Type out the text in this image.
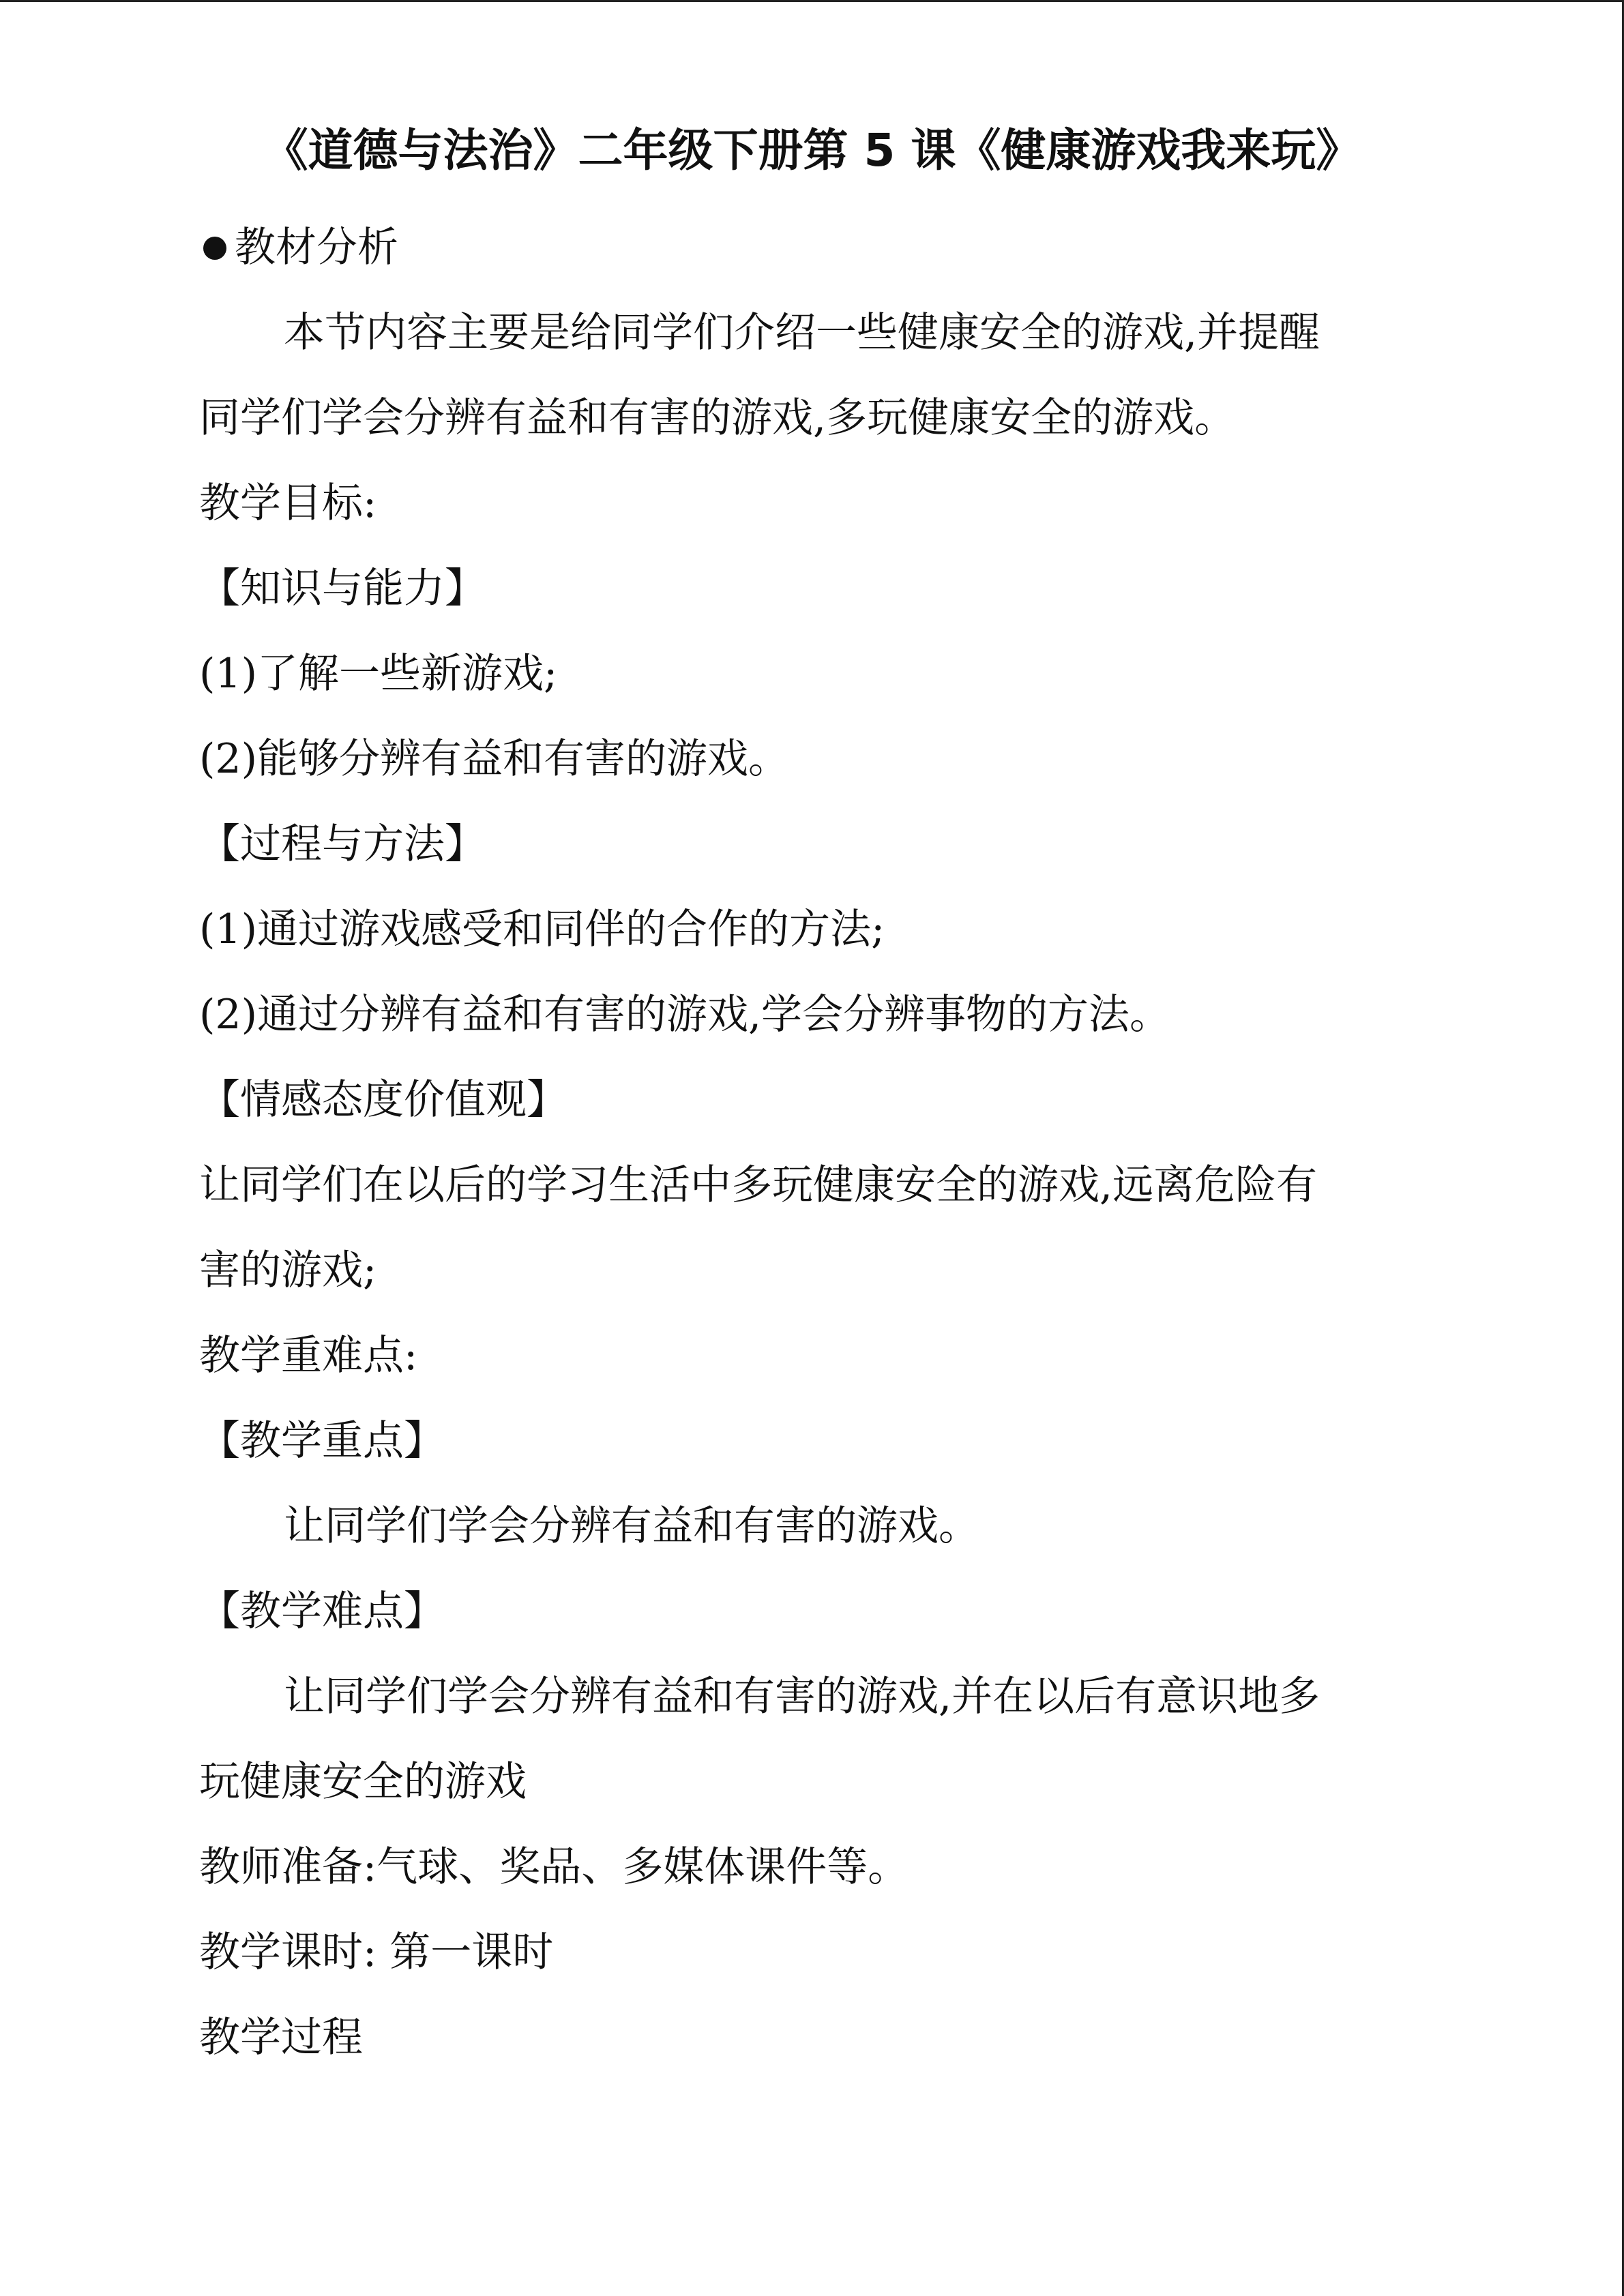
《道德与法治》二年级下册第 5 课《健康游戏我来玩》
教材分析

本节内容主要是给同学们介绍一些健康安全的游戏,并提醒

同学们学会分辨有益和有害的游戏,多玩健康安全的游戏。

教学目标:

【知识与能力】

(1)了解一些新游戏;

(2)能够分辨有益和有害的游戏。

【过程与方法】

(1)通过游戏感受和同伴的合作的方法;

(2)通过分辨有益和有害的游戏,学会分辨事物的方法。

【情感态度价值观】

让同学们在以后的学习生活中多玩健康安全的游戏,远离危险有

害的游戏;

教学重难点:

【教学重点】

让同学们学会分辨有益和有害的游戏。

【教学难点】

让同学们学会分辨有益和有害的游戏,并在以后有意识地多

玩健康安全的游戏

教师准备:气球、奖品、多媒体课件等。

教学课时: 第一课时

教学过程
